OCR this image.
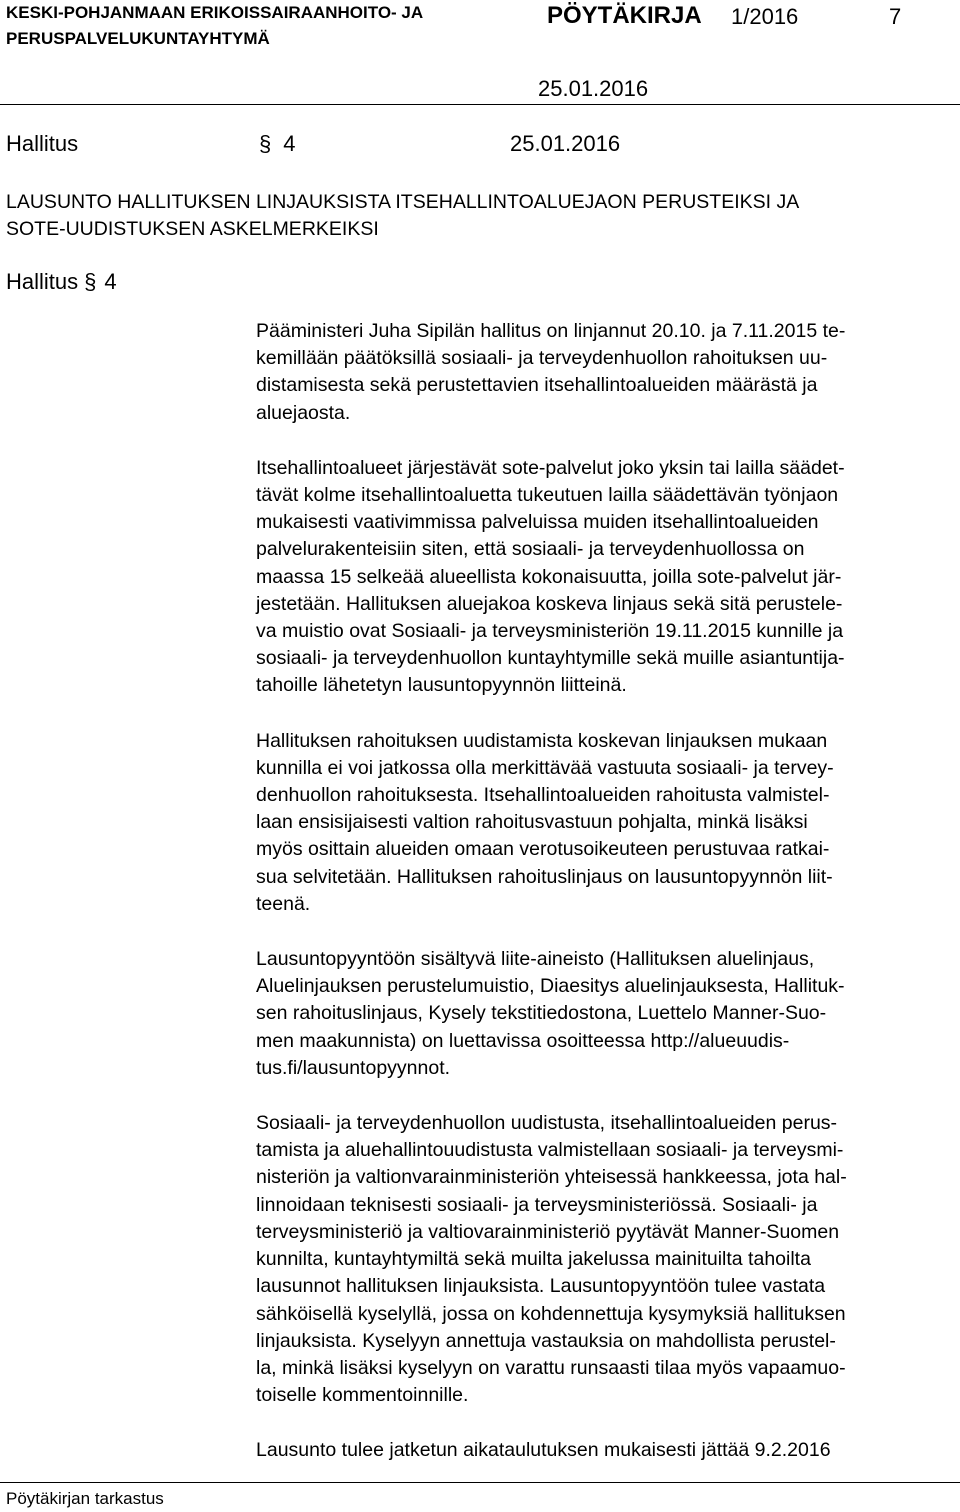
KESKI-POHJANMAAN ERIKOISSAIRAANHOITO- JA
PERUSPALVELUKUNTAYHTYMÄ
PÖYTÄKIRJA 1/2016	7
25.01.2016
Hallitus	§ 4	25.01.2016
LAUSUNTO HALLITUKSEN LINJAUKSISTA ITSEHALLINTOALUEJAON PERUSTEIKSI JA
SOTE-UUDISTUKSEN ASKELMERKEIKSI
Hallitus § 4

Pääministeri Juha Sipilän hallitus on linjannut 20.10. ja 7.11.2015 te-
kemillään päätöksillä sosiaali- ja terveydenhuollon rahoituksen uu-
distamisesta sekä perustettavien itsehallintoalueiden määrästä ja
aluejaosta.

Itsehallintoalueet järjestävät sote-palvelut joko yksin tai lailla säädet-
tävät kolme itsehallintoaluetta tukeutuen lailla säädettävän työnjaon
mukaisesti vaativimmissa palveluissa muiden itsehallintoalueiden
palvelurakenteisiin siten, että sosiaali- ja terveydenhuollossa on
maassa 15 selkeää alueellista kokonaisuutta, joilla sote-palvelut jär-
jestetään. Hallituksen aluejakoa koskeva linjaus sekä sitä perustele-
va muistio ovat Sosiaali- ja terveysministeriön 19.11.2015 kunnille ja
sosiaali- ja terveydenhuollon kuntayhtymille sekä muille asiantuntija-
tahoille lähetetyn lausuntopyynnön liitteinä.

Hallituksen rahoituksen uudistamista koskevan linjauksen mukaan
kunnilla ei voi jatkossa olla merkittävää vastuuta sosiaali- ja tervey-
denhuollon rahoituksesta. Itsehallintoalueiden rahoitusta valmistel-
laan ensisijaisesti valtion rahoitusvastuun pohjalta, minkä lisäksi
myös osittain alueiden omaan verotusoikeuteen perustuvaa ratkai-
sua selvitetään. Hallituksen rahoituslinjaus on lausuntopyynnön liit-
teenä.

Lausuntopyyntöön sisältyvä liite-aineisto (Hallituksen aluelinjaus,
Aluelinjauksen perustelumuistio, Diaesitys aluelinjauksesta, Hallituk-
sen rahoituslinjaus, Kysely tekstitiedostona, Luettelo Manner-Suo-
men maakunnista) on luettavissa osoitteessa http://alueuudis-
tus.fi/lausuntopyynnot.

Sosiaali- ja terveydenhuollon uudistusta, itsehallintoalueiden perus-
tamista ja aluehallintouudistusta valmistellaan sosiaali- ja terveysmi-
nisteriön ja valtionvarainministeriön yhteisessä hankkeessa, jota hal-
linnoidaan teknisesti sosiaali- ja terveysministeriössä. Sosiaali- ja
terveysministeriö ja valtiovarainministeriö pyytävät Manner-Suomen
kunnilta, kuntayhtymiltä sekä muilta jakelussa mainituilta tahoilta
lausunnot hallituksen linjauksista. Lausuntopyyntöön tulee vastata
sähköisellä kyselyllä, jossa on kohdennettuja kysymyksiä hallituksen
linjauksista. Kyselyyn annettuja vastauksia on mahdollista perustel-
la, minkä lisäksi kyselyyn on varattu runsaasti tilaa myös vapaamuo-
toiselle kommentoinnille.

Lausunto tulee jatketun aikataulutuksen mukaisesti jättää 9.2.2016

Pöytäkirjan tarkastus
